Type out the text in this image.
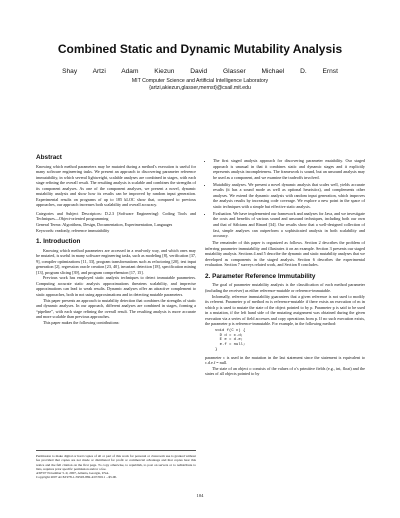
Combined Static and Dynamic Mutability Analysis
Shay Artzi Adam Kiezun David Glasser Michael D. Ernst
MIT Computer Science and Artificial Intelligence Laboratory
{artzi,akiezun,glasser,mernst}@csail.mit.edu
Abstract

Knowing which method parameters may be mutated during a method's execution is useful for many software engineering tasks. We present an approach to discovering parameter reference immutability, in which several lightweight, scalable analyses are combined in stages, with each stage refining the overall result. The resulting analysis is scalable and combines the strengths of its component analyses. As one of the component analyses, we present a novel, dynamic mutability analysis and show how its results can be improved by random input generation. Experimental results on programs of up to 185 kLOC show that, compared to previous approaches, our approach increases both scalability and overall accuracy.

Categories and Subject Descriptors: D.2.3 [Software Engineering]: Coding Tools and Techniques—Object-oriented programming

General Terms: Algorithms, Design, Documentation, Experimentation, Languages

Keywords: readonly, reference immutability

1. Introduction

Knowing which method parameters are accessed in a read-only way, and which ones may be mutated, is useful in many software engineering tasks, such as modeling [8], verification [37, 9], compiler optimizations [11, 33], program transformations such as refactoring [20], test input generation [2], regression oracle creation [23, 40], invariant detection [18], specification mining [13], program slicing [39], and program comprehension [17, 15].

Previous work has employed static analysis techniques to detect immutable parameters. Computing accurate static analysis approximations threatens scalability, and imprecise approximations can lead to weak results. Dynamic analyses offer an attractive complement to static approaches, both in not using approximations and in detecting mutable parameters.

This paper presents an approach to mutability detection that combines the strengths of static and dynamic analyses. In our approach, different analyses are combined in stages, forming a “pipeline”, with each stage refining the overall result. The resulting analysis is more accurate and more scalable than previous approaches.

This paper makes the following contributions:

Permission to make digital or hard copies of all or part of this work for personal or classroom use is granted without fee provided that copies are not made or distributed for profit or commercial advantage and that copies bear this notice and the full citation on the first page. To copy otherwise, to republish, to post on servers or to redistribute to lists, requires prior specific permission and/or a fee.

ASE'07 November 5–9, 2007, Atlanta, Georgia, USA.

Copyright 2007 ACM 978-1-59593-882-4/07/0011 ...$5.00.

• The first staged analysis approach for discovering parameter mutability. Our staged approach is unusual in that it combines static and dynamic stages and it explicitly represents analysis incompleteness. The framework is sound, but an unsound analysis may be used as a component, and we examine the tradeoffs involved.
• Mutability analyses. We present a novel dynamic analysis that scales well, yields accurate results (it has a sound mode as well as optional heuristics), and complements other analyses. We extend the dynamic analysis with random input generation, which improves the analysis results by increasing code coverage. We explore a new point in the space of static techniques with a simple but effective static analysis.
• Evaluation. We have implemented our framework and analyses for Java, and we investigate the costs and benefits of various sound and unsound techniques, including both our own and that of Sălcianu and Rinard [34]. Our results show that a well-designed collection of fast, simple analyses can outperform a sophisticated analysis in both scalability and accuracy.

The remainder of this paper is organized as follows. Section 2 describes the problem of inferring parameter immutability and illustrates it on an example. Section 3 presents our staged mutability analysis. Sections 4 and 5 describe the dynamic and static mutability analyses that we developed as components in the staged analysis. Section 6 describes the experimental evaluation. Section 7 surveys related work, and Section 8 concludes.

2. Parameter Reference Immutability

The goal of parameter mutability analysis is the classification of each method parameter (including the receiver) as either reference-mutable or reference-immutable.

Informally, reference immutability guarantees that a given reference is not used to modify its referent. Parameter p of method m is reference-mutable if there exists an execution of m in which p is used to mutate the state of the object pointed to by p. Parameter p is said to be used in a mutation, if the left hand side of the mutating assignment was obtained during the given execution via a series of field accesses and copy operations from p. If no such execution exists, the parameter p is reference-immutable. For example, in the following method:

void f(C c) {
D d = c.d;
E e = d.e;
e.f = null;
}

parameter c is used in the mutation in the last statement since the statement is equivalent to c.d.e.f = null.

The state of an object o consists of the values of o's primitive fields (e.g., int, float) and the states of all objects pointed to by

104
